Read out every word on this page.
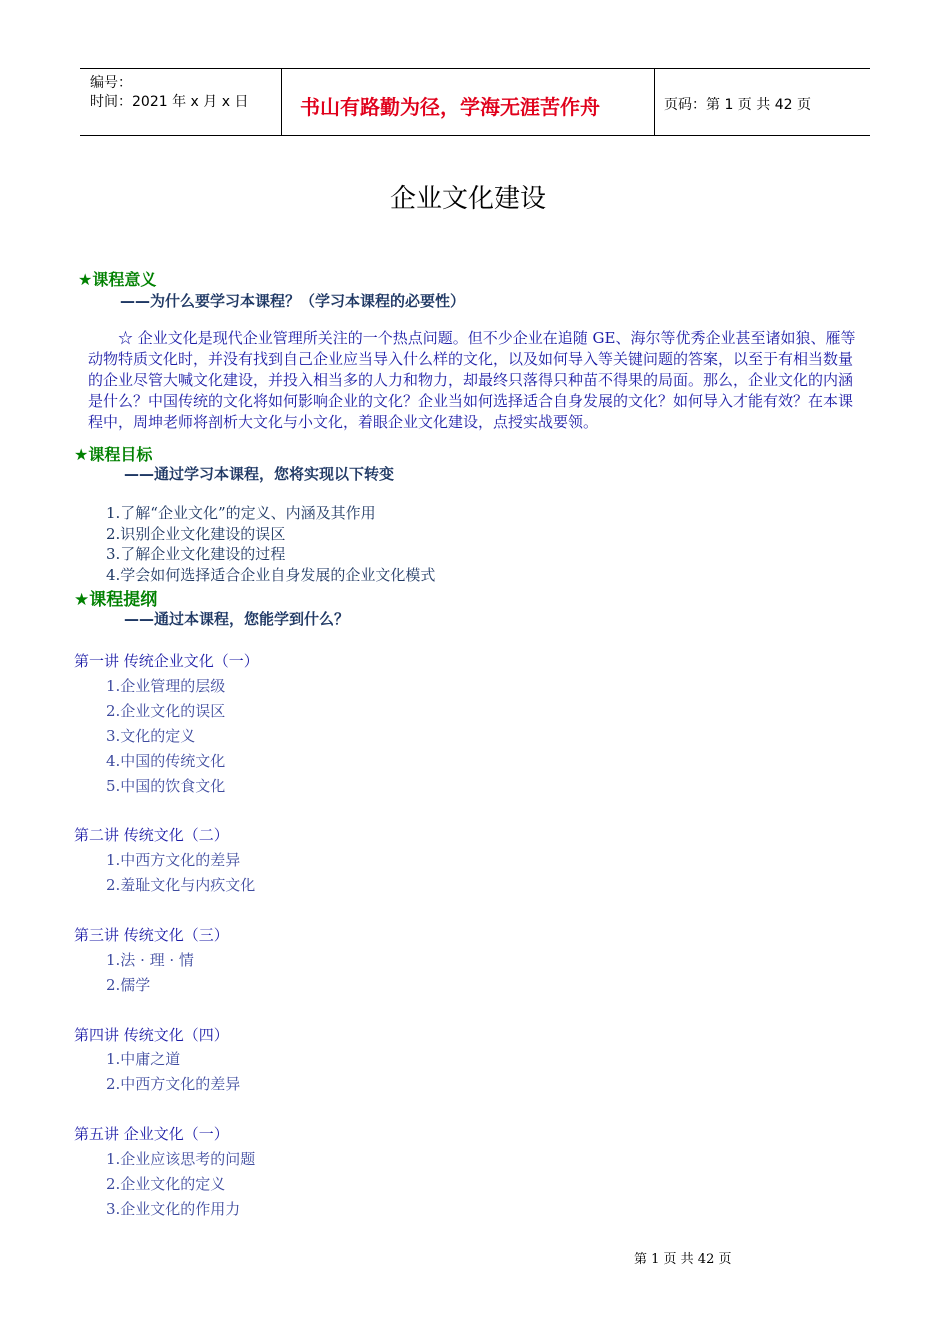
编号：
时间：2021 年 x 月 x 日	书山有路勤为径，学海无涯苦作舟	页码：第 1 页 共 42 页
企业文化建设
★课程意义
——为什么要学习本课程？（学习本课程的必要性）
☆ 企业文化是现代企业管理所关注的一个热点问题。但不少企业在追随 GE、海尔等优秀企业甚至诸如狼、雁等动物特质文化时，并没有找到自己企业应当导入什么样的文化，以及如何导入等关键问题的答案，以至于有相当数量的企业尽管大喊文化建设，并投入相当多的人力和物力，却最终只落得只种苗不得果的局面。那么，企业文化的内涵是什么？中国传统的文化将如何影响企业的文化？企业当如何选择适合自身发展的文化？如何导入才能有效？在本课程中，周坤老师将剖析大文化与小文化，着眼企业文化建设，点授实战要领。
★课程目标
——通过学习本课程，您将实现以下转变
1.了解“企业文化”的定义、内涵及其作用
2.识别企业文化建设的误区
3.了解企业文化建设的过程
4.学会如何选择适合企业自身发展的企业文化模式
★课程提纲
——通过本课程，您能学到什么？
第一讲 传统企业文化（一）
1.企业管理的层级
2.企业文化的误区
3.文化的定义
4.中国的传统文化
5.中国的饮食文化
第二讲 传统文化（二）
1.中西方文化的差异
2.羞耻文化与内疚文化
第三讲 传统文化（三）
1.法 · 理 · 情
2.儒学
第四讲 传统文化（四）
1.中庸之道
2.中西方文化的差异
第五讲 企业文化（一）
1.企业应该思考的问题
2.企业文化的定义
3.企业文化的作用力
第 1 页 共 42 页
